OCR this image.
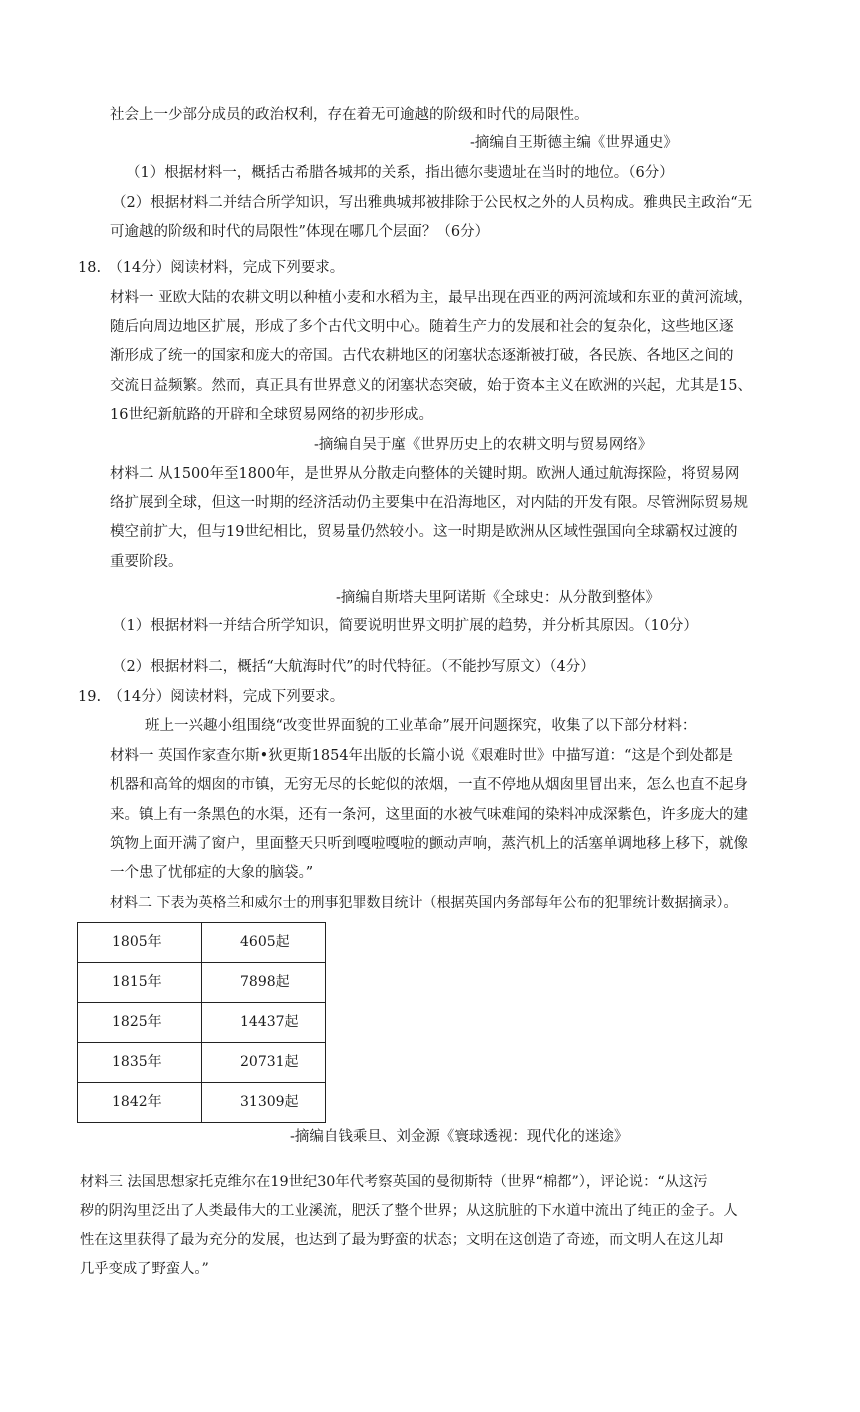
社会上一少部分成员的政治权利，存在着无可逾越的阶级和时代的局限性。
-摘编自王斯德主编《世界通史》
（1）根据材料一，概括古希腊各城邦的关系，指出德尔斐遗址在当时的地位。（6分）
（2）根据材料二并结合所学知识，写出雅典城邦被排除于公民权之外的人员构成。雅典民主政治“无
可逾越的阶级和时代的局限性”体现在哪几个层面？（6分）
18.　（14分）阅读材料，完成下列要求。
材料一 亚欧大陆的农耕文明以种植小麦和水稻为主，最早出现在西亚的两河流域和东亚的黄河流域，
随后向周边地区扩展，形成了多个古代文明中心。随着生产力的发展和社会的复杂化，这些地区逐
渐形成了统一的国家和庞大的帝国。古代农耕地区的闭塞状态逐渐被打破，各民族、各地区之间的
交流日益频繁。然而，真正具有世界意义的闭塞状态突破，始于资本主义在欧洲的兴起，尤其是15、
16世纪新航路的开辟和全球贸易网络的初步形成。
-摘编自吴于廑《世界历史上的农耕文明与贸易网络》
材料二 从1500年至1800年，是世界从分散走向整体的关键时期。欧洲人通过航海探险，将贸易网
络扩展到全球，但这一时期的经济活动仍主要集中在沿海地区，对内陆的开发有限。尽管洲际贸易规
模空前扩大，但与19世纪相比，贸易量仍然较小。这一时期是欧洲从区域性强国向全球霸权过渡的
重要阶段。
-摘编自斯塔夫里阿诺斯《全球史：从分散到整体》
（1）根据材料一并结合所学知识，简要说明世界文明扩展的趋势，并分析其原因。（10分）
（2）根据材料二，概括“大航海时代”的时代特征。（不能抄写原文）（4分）
19.　（14分）阅读材料，完成下列要求。
班上一兴趣小组围绕“改变世界面貌的工业革命”展开问题探究，收集了以下部分材料：
材料一 英国作家查尔斯•狄更斯1854年出版的长篇小说《艰难时世》中描写道：“这是个到处都是
机器和高耸的烟囱的市镇，无穷无尽的长蛇似的浓烟，一直不停地从烟囱里冒出来，怎么也直不起身
来。镇上有一条黑色的水渠，还有一条河，这里面的水被气味难闻的染料冲成深紫色，许多庞大的建
筑物上面开满了窗户，里面整天只听到嘎啦嘎啦的颤动声响，蒸汽机上的活塞单调地移上移下，就像
一个患了忧郁症的大象的脑袋。”
材料二 下表为英格兰和威尔士的刑事犯罪数目统计（根据英国内务部每年公布的犯罪统计数据摘录）。
1805年	4605起
1815年	7898起
1825年	14437起
1835年	20731起
1842年	31309起
-摘编自钱乘旦、刘金源《寰球透视：现代化的迷途》
材料三 法国思想家托克维尔在19世纪30年代考察英国的曼彻斯特（世界“棉都”），评论说：“从这污
秽的阴沟里泛出了人类最伟大的工业溪流，肥沃了整个世界；从这肮脏的下水道中流出了纯正的金子。人
性在这里获得了最为充分的发展，也达到了最为野蛮的状态；文明在这创造了奇迹，而文明人在这儿却
几乎变成了野蛮人。”
